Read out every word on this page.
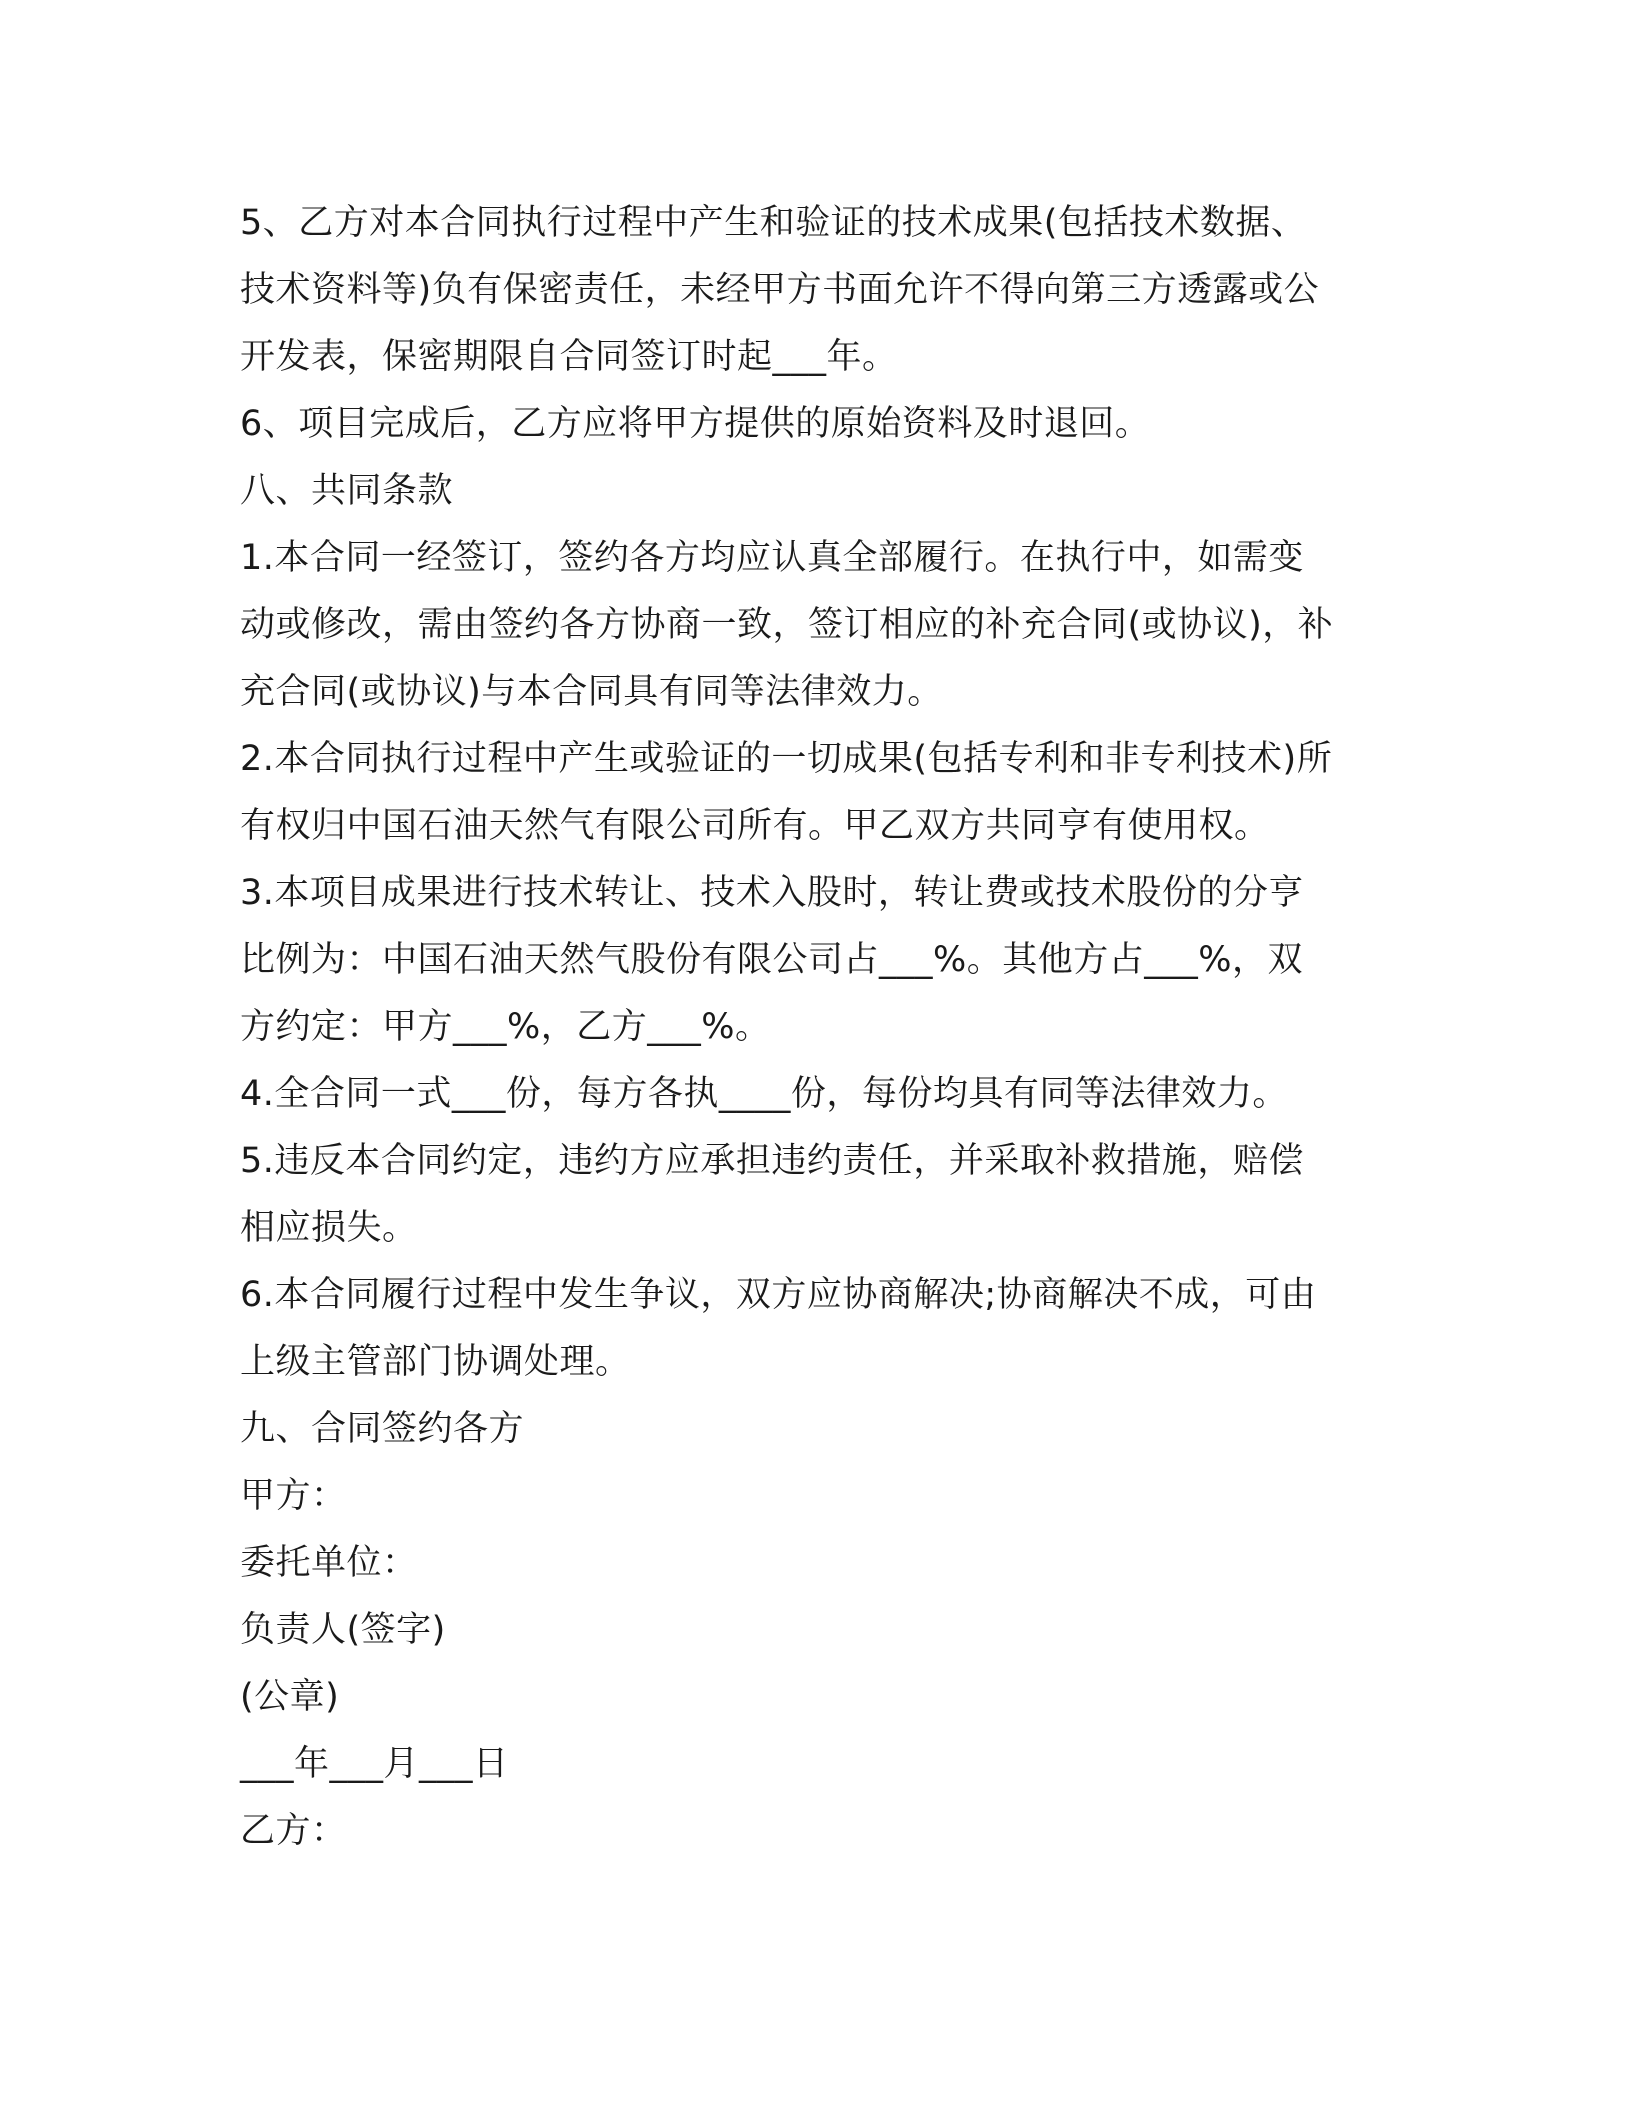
5、乙方对本合同执行过程中产生和验证的技术成果(包括技术数据、
技术资料等)负有保密责任，未经甲方书面允许不得向第三方透露或公
开发表，保密期限自合同签订时起___年。
6、项目完成后，乙方应将甲方提供的原始资料及时退回。
八、共同条款
1.本合同一经签订，签约各方均应认真全部履行。在执行中，如需变
动或修改，需由签约各方协商一致，签订相应的补充合同(或协议)，补
充合同(或协议)与本合同具有同等法律效力。
2.本合同执行过程中产生或验证的一切成果(包括专利和非专利技术)所
有权归中国石油天然气有限公司所有。甲乙双方共同亨有使用权。
3.本项目成果进行技术转让、技术入股时，转让费或技术股份的分亨
比例为：中国石油天然气股份有限公司占___%。其他方占___%，双
方约定：甲方___%，乙方___%。
4.全合同一式___份，每方各执____份，每份均具有同等法律效力。
5.违反本合同约定，违约方应承担违约责任，并采取补救措施，赔偿
相应损失。
6.本合同履行过程中发生争议，双方应协商解决;协商解决不成，可由
上级主管部门协调处理。
九、合同签约各方
甲方：
委托单位：
负责人(签字)
(公章)
___年___月___日
乙方：
